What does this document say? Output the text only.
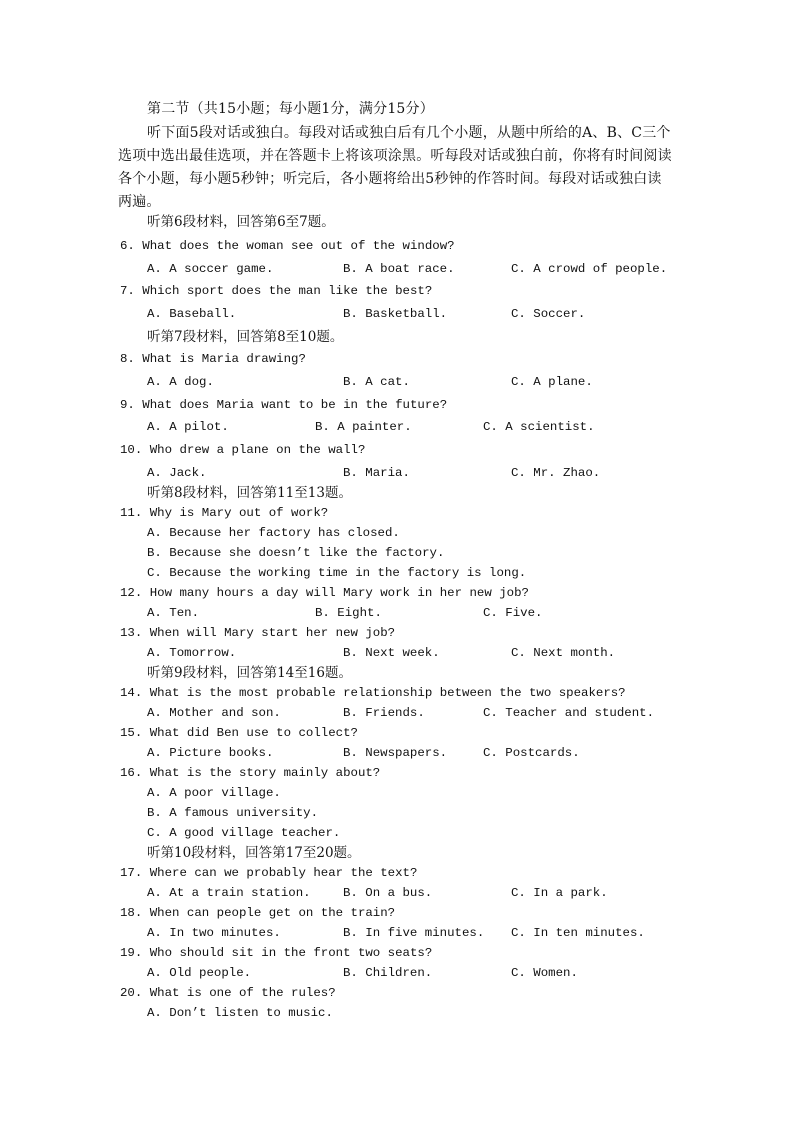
第二节（共15小题；每小题1分，满分15分）
听下面5段对话或独白。每段对话或独白后有几个小题，从题中所给的A、B、C三个
选项中选出最佳选项，并在答题卡上将该项涂黑。听每段对话或独白前，你将有时间阅读
各个小题，每小题5秒钟；听完后，各小题将给出5秒钟的作答时间。每段对话或独白读
两遍。
听第6段材料，回答第6至7题。
6. What does the woman see out of the window?
A. A soccer game.	B. A boat race.	C. A crowd of people.
7. Which sport does the man like the best?
A. Baseball.	B. Basketball.	C. Soccer.
听第7段材料，回答第8至10题。
8. What is Maria drawing?
A. A dog.	B. A cat.	C. A plane.
9. What does Maria want to be in the future?
A. A pilot.	B. A painter.	C. A scientist.
10. Who drew a plane on the wall?
A. Jack.	B. Maria.	C. Mr. Zhao.
听第8段材料，回答第11至13题。
11. Why is Mary out of work?
A. Because her factory has closed.
B. Because she doesn’t like the factory.
C. Because the working time in the factory is long.
12. How many hours a day will Mary work in her new job?
A. Ten.	B. Eight.	C. Five.
13. When will Mary start her new job?
A. Tomorrow.	B. Next week.	C. Next month.
听第9段材料，回答第14至16题。
14. What is the most probable relationship between the two speakers?
A. Mother and son.	B. Friends.	C. Teacher and student.
15. What did Ben use to collect?
A. Picture books.	B. Newspapers.	C. Postcards.
16. What is the story mainly about?
A. A poor village.
B. A famous university.
C. A good village teacher.
听第10段材料，回答第17至20题。
17. Where can we probably hear the text?
A. At a train station.	B. On a bus.	C. In a park.
18. When can people get on the train?
A. In two minutes.	B. In five minutes. C. In ten minutes.
19. Who should sit in the front two seats?
A. Old people.	B. Children.	C. Women.
20. What is one of the rules?
A. Don’t listen to music.
